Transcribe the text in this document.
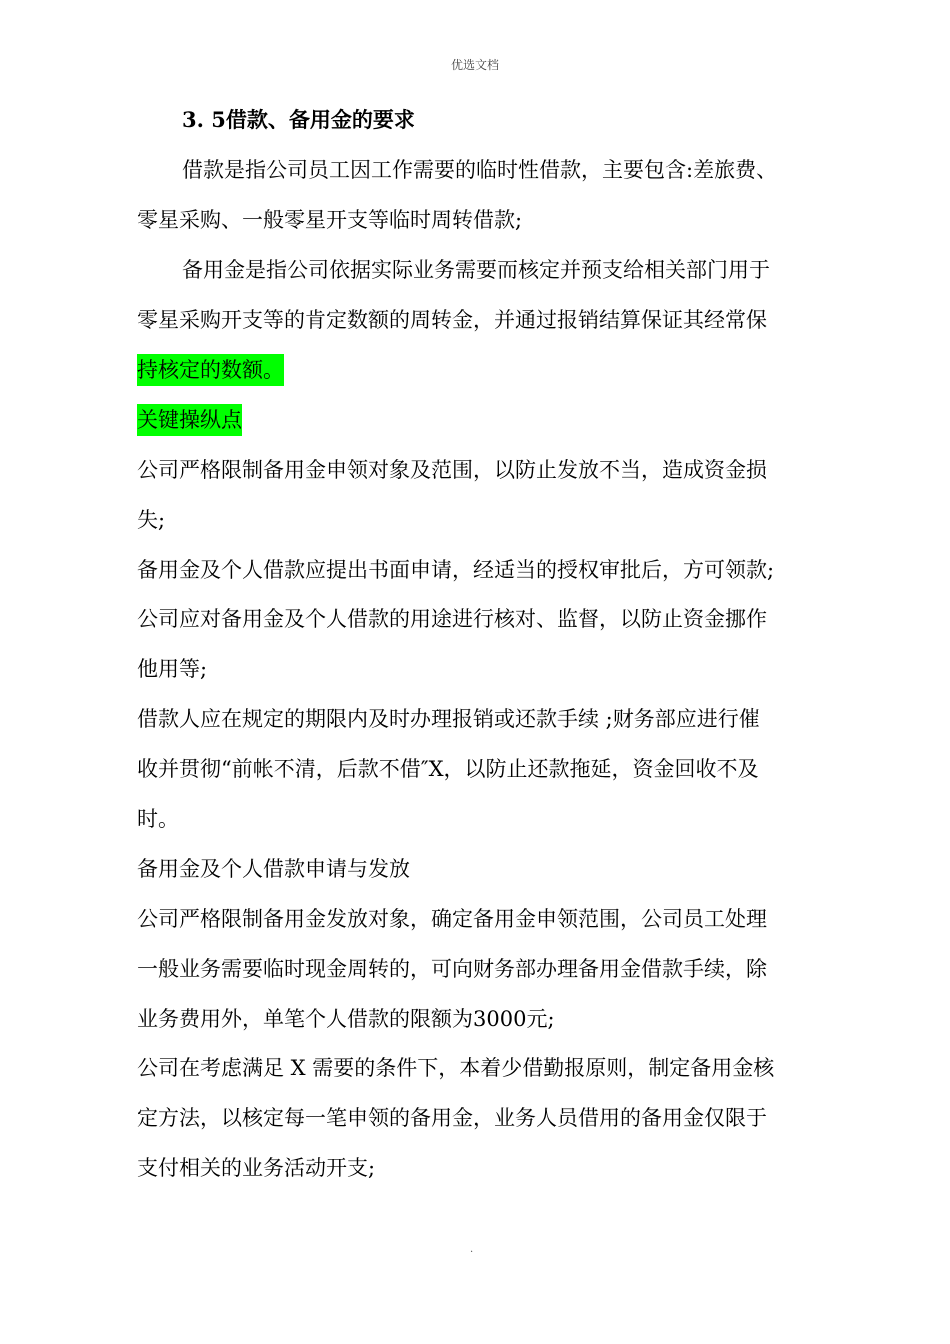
优选文档
3. 5借款、备用金的要求
借款是指公司员工因工作需要的临时性借款，主要包含:差旅费、
零星采购、一般零星开支等临时周转借款;
备用金是指公司依据实际业务需要而核定并预支给相关部门用于
零星采购开支等的肯定数额的周转金，并通过报销结算保证其经常保
持核定的数额。
关键操纵点
公司严格限制备用金申领对象及范围，以防止发放不当，造成资金损
失;
备用金及个人借款应提出书面申请，经适当的授权审批后，方可领款;
公司应对备用金及个人借款的用途进行核对、监督，以防止资金挪作
他用等;
借款人应在规定的期限内及时办理报销或还款手续 ;财务部应进行催
收并贯彻“前帐不清，后款不借″X，以防止还款拖延，资金回收不及
时。
备用金及个人借款申请与发放
公司严格限制备用金发放对象，确定备用金申领范围，公司员工处理
一般业务需要临时现金周转的，可向财务部办理备用金借款手续，除
业务费用外，单笔个人借款的限额为3000元;
公司在考虑满足 X 需要的条件下，本着少借勤报原则，制定备用金核
定方法，以核定每一笔申领的备用金，业务人员借用的备用金仅限于
支付相关的业务活动开支;
.
